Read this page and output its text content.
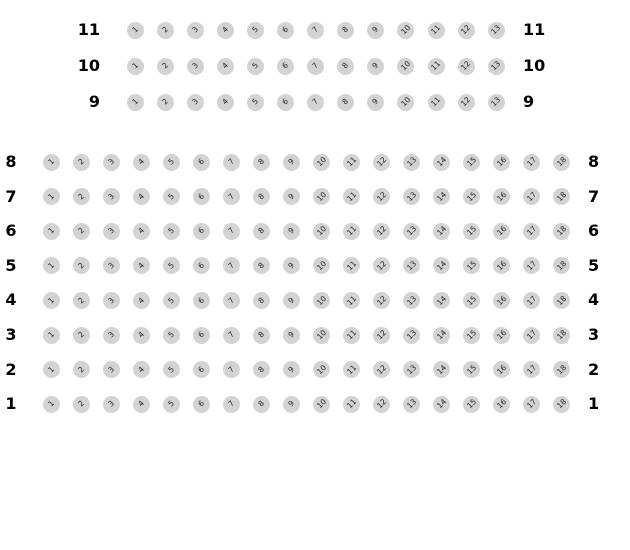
11	1	2	3	4	5	6	7	8	9 10 11 12 13 11
10	1	2	3	4	5	6	7	8	9 10 11 12 13 10
9	1	2	3	4	5	6	7	8	9 10 11 12 13 9
8	1	2	3	4	5	6	7	8	9 10 11 12 13 14 15 16 17 18 8
7	1	2	3	4	5	6	7	8	9 10 11 12 13 14 15 16 17 18 7
6	1	2	3	4	5	6	7	8	9 10 11 12 13 14 15 16 17 18 6
5	1	2	3	4	5	6	7	8	9 10 11 12 13 14 15 16 17 18 5
4	1	2	3	4	5	6	7	8	9 10 11 12 13 14 15 16 17 18 4
3	1	2	3	4	5	6	7	8	9 10 11 12 13 14 15 16 17 18 3
2	1	2	3	4	5	6	7	8	9 10 11 12 13 14 15 16 17 18 2
1	1	2	3	4	5	6	7	8	9 10 11 12 13 14 15 16 17 18 1
